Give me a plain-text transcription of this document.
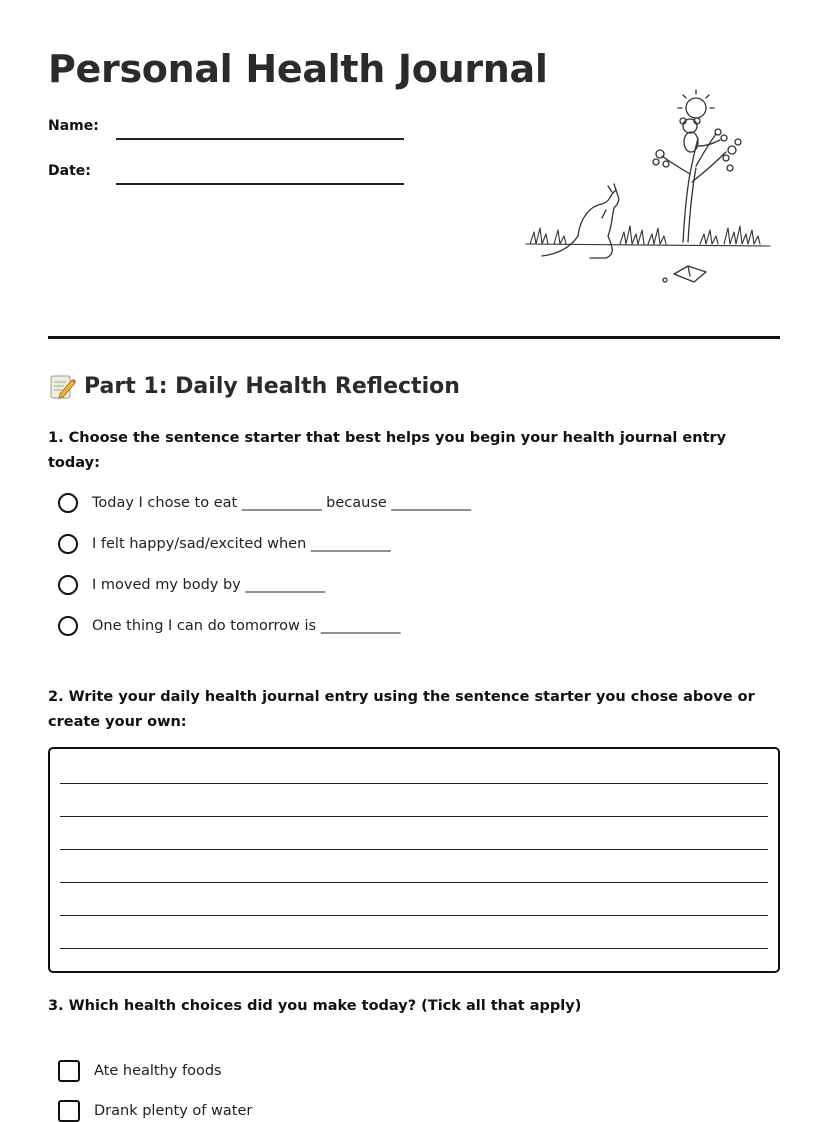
Personal Health Journal
Name:
Date:
Part 1: Daily Health Reflection
1. Choose the sentence starter that best helps you begin your health journal entry today:
Today I chose to eat ___________ because ___________
I felt happy/sad/excited when ___________
I moved my body by ___________
One thing I can do tomorrow is ___________
2. Write your daily health journal entry using the sentence starter you chose above or create your own:
3. Which health choices did you make today? (Tick all that apply)
Ate healthy foods
Drank plenty of water
